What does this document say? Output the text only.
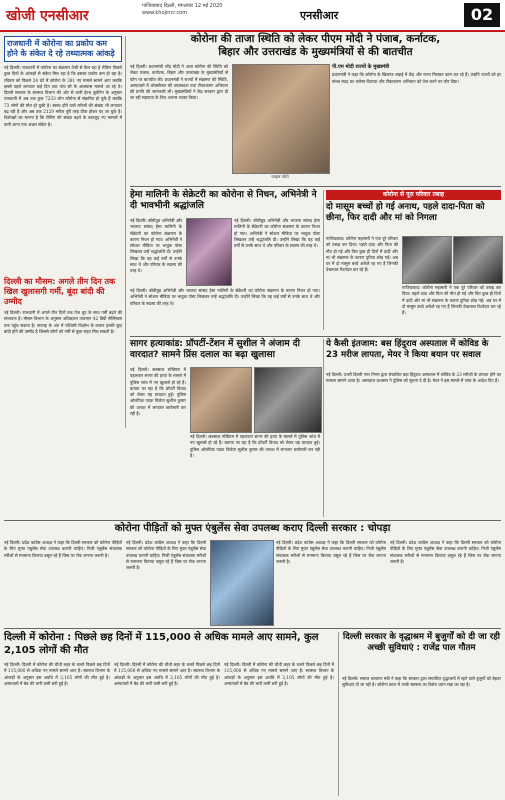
खोजी एनसीआर
गाजियाबाद दिल्ली, मंगलवार 12 मई 2020
www.khojincr.com	एनसीआर	02
राजधानी में कोरोना का प्रकोप कम होने के संकेत दे रहे तथ्यात्मक आंकड़े
नई दिल्ली। राजधानी में कोरोना का संक्रमण तेजी से फैल रहा है लेकिन पिछले कुछ दिनों के आंकड़ों से संकेत मिल रहा है कि इसका प्रकोप कम हो रहा है। रविवार को पिछले 24 घंटे में कोरोना के 381 नए मामले सामने आए जबकि इससे पहले लगातार कई दिन तक पांच सौ के आसपास मामले आ रहे थे। दिल्ली सरकार के स्वास्थ्य विभाग की ओर से जारी हेल्थ बुलेटिन के अनुसार राजधानी में अब तक कुल 7233 लोग कोरोना से संक्रमित हो चुके हैं जबकि 73 लोगों की मौत हो चुकी है। स्वस्थ होने वाले मरीजों की संख्या भी लगातार बढ़ रही है और अब तक 2129 मरीज पूरी तरह ठीक होकर घर जा चुके हैं। विशेषज्ञों का मानना है कि टेस्टिंग की संख्या बढ़ने के बावजूद नए मामलों में कमी आना एक अच्छा संकेत है।
दिल्ली का मौसम: अगले तीन दिन तक खिल खुलासगी गर्मी, बूंदा बांदी की उम्मीद
नई दिल्ली। राजधानी में अगले तीन दिनों तक तेज धूप के साथ गर्मी बढ़ने की संभावना है। मौसम विभाग के अनुसार अधिकतम तापमान 42 डिग्री सेल्सियस तक पहुंच सकता है। सप्ताह के अंत में पश्चिमी विक्षोभ के कारण हल्की बूंदा बांदी होने की उम्मीद है जिससे लोगों को गर्मी से कुछ राहत मिल सकती है।
कोरोना की ताजा स्थिति को लेकर पीएम मोदी ने पंजाब, कर्नाटक,
बिहार और उत्तराखंड के मुख्यमंत्रियों से की बातचीत
नई दिल्ली। प्रधानमंत्री नरेंद्र मोदी ने आज कोरोना की स्थिति को लेकर पंजाब, कर्नाटक, बिहार और उत्तराखंड के मुख्यमंत्रियों से फोन पर बातचीत की। प्रधानमंत्री ने राज्यों में संक्रमण की स्थिति, अस्पतालों में ऑक्सीजन की उपलब्धता तथा टीकाकरण अभियान की प्रगति की जानकारी ली। मुख्यमंत्रियों ने केंद्र सरकार द्वारा दी जा रही सहायता के लिए आभार व्यक्त किया।
फाइल फोटो
पी.एम मोदी राज्यों के मुख्यमंत्री
प्रधानमंत्री ने कहा कि कोरोना के खिलाफ लड़ाई में केंद्र और राज्य मिलकर काम कर रहे हैं। उन्होंने राज्यों को हर संभव मदद का भरोसा दिलाया और टीकाकरण अभियान को तेज करने पर जोर दिया।
हेमा मालिनी के सेक्रेटरी का कोरोना से निधन, अभिनेत्री ने दी भावभीनी श्रद्धांजलि
नई दिल्ली। बॉलीवुड अभिनेत्री और भाजपा सांसद हेमा मालिनी के सेक्रेटरी का कोरोना संक्रमण के कारण निधन हो गया। अभिनेत्री ने सोशल मीडिया पर भावुक पोस्ट लिखकर उन्हें श्रद्धांजलि दी। उन्होंने लिखा कि वह कई वर्षों से उनके साथ थे और परिवार के सदस्य की तरह थे।
नई दिल्ली। बॉलीवुड अभिनेत्री और भाजपा सांसद हेमा मालिनी के सेक्रेटरी का कोरोना संक्रमण के कारण निधन हो गया। अभिनेत्री ने सोशल मीडिया पर भावुक पोस्ट लिखकर उन्हें श्रद्धांजलि दी। उन्होंने लिखा कि वह कई वर्षों से उनके साथ थे और परिवार के सदस्य की तरह थे।
नई दिल्ली। बॉलीवुड अभिनेत्री और भाजपा सांसद हेमा मालिनी के सेक्रेटरी का कोरोना संक्रमण के कारण निधन हो गया। अभिनेत्री ने सोशल मीडिया पर भावुक पोस्ट लिखकर उन्हें श्रद्धांजलि दी। उन्होंने लिखा कि वह कई वर्षों से उनके साथ थे और परिवार के सदस्य की तरह थे।
कोरोना से पूरा परिवार तबाह
दो मासूम बच्चों हो गई अनाथ, पहले दादा-पिता को छीना, फिर दादी और मां को निगला
गाजियाबाद। कोरोना महामारी ने एक पूरे परिवार को तबाह कर दिया। पहले दादा और पिता की मौत हो गई और फिर कुछ ही दिनों में दादी और मां भी संक्रमण के कारण दुनिया छोड़ गईं। अब घर में दो मासूम बच्चे अकेले रह गए हैं जिनकी देखभाल रिश्तेदार कर रहे हैं।
गाजियाबाद। कोरोना महामारी ने एक पूरे परिवार को तबाह कर दिया। पहले दादा और पिता की मौत हो गई और फिर कुछ ही दिनों में दादी और मां भी संक्रमण के कारण दुनिया छोड़ गईं। अब घर में दो मासूम बच्चे अकेले रह गए हैं जिनकी देखभाल रिश्तेदार कर रहे हैं।
सागर हत्याकांड: प्रॉपर्टी-टेंशन में सुशील ने अंजाम दी वारदात? सामने प्रिंस दलाल का बढ़ा खुलासा
नई दिल्ली। छत्रसाल स्टेडियम में पहलवान सागर की हत्या के मामले में पुलिस जांच में नए खुलासे हो रहे हैं। बताया जा रहा है कि प्रॉपर्टी विवाद को लेकर यह वारदात हुई। पुलिस ओलंपिक पदक विजेता सुशील कुमार की तलाश में लगातार छापेमारी कर रही है।
नई दिल्ली। छत्रसाल स्टेडियम में पहलवान सागर की हत्या के मामले में पुलिस जांच में नए खुलासे हो रहे हैं। बताया जा रहा है कि प्रॉपर्टी विवाद को लेकर यह वारदात हुई। पुलिस ओलंपिक पदक विजेता सुशील कुमार की तलाश में लगातार छापेमारी कर रही है।
ये कैसी इंतजाम: बस हिंदुराव अस्पताल में कोविड के 23 मरीज लापता, मेयर ने किया बयान पर सवाल
नई दिल्ली। उत्तरी दिल्ली नगर निगम द्वारा संचालित बड़ा हिंदुराव अस्पताल में कोविड के 23 मरीजों के लापता होने का मामला सामने आया है। अस्पताल प्रशासन ने पुलिस को सूचना दे दी है। मेयर ने इस मामले में जांच के आदेश दिए हैं।
कोरोना पीड़ितों को मुफ्त एंबुलेंस सेवा उपलब्ध कराए दिल्ली सरकार : चोपड़ा
नई दिल्ली। प्रदेश कांग्रेस अध्यक्ष ने कहा कि दिल्ली सरकार को कोरोना पीड़ितों के लिए मुफ्त एंबुलेंस सेवा उपलब्ध करानी चाहिए। निजी एंबुलेंस संचालक मरीजों से मनमाना किराया वसूल रहे हैं जिस पर रोक लगाना जरूरी है।
नई दिल्ली। प्रदेश कांग्रेस अध्यक्ष ने कहा कि दिल्ली सरकार को कोरोना पीड़ितों के लिए मुफ्त एंबुलेंस सेवा उपलब्ध करानी चाहिए। निजी एंबुलेंस संचालक मरीजों से मनमाना किराया वसूल रहे हैं जिस पर रोक लगाना जरूरी है।
नई दिल्ली। प्रदेश कांग्रेस अध्यक्ष ने कहा कि दिल्ली सरकार को कोरोना पीड़ितों के लिए मुफ्त एंबुलेंस सेवा उपलब्ध करानी चाहिए। निजी एंबुलेंस संचालक मरीजों से मनमाना किराया वसूल रहे हैं जिस पर रोक लगाना जरूरी है।
नई दिल्ली। प्रदेश कांग्रेस अध्यक्ष ने कहा कि दिल्ली सरकार को कोरोना पीड़ितों के लिए मुफ्त एंबुलेंस सेवा उपलब्ध करानी चाहिए। निजी एंबुलेंस संचालक मरीजों से मनमाना किराया वसूल रहे हैं जिस पर रोक लगाना जरूरी है।
दिल्ली में कोरोना : पिछले छह दिनों में 115,000 से अधिक मामले आए सामने, कुल 2,105 लोगों की मौत
नई दिल्ली। दिल्ली में कोरोना की चौथी लहर के चलते पिछले छह दिनों में 115,000 से अधिक नए मामले सामने आए हैं। स्वास्थ्य विभाग के आंकड़ों के अनुसार इस अवधि में 2,105 लोगों की मौत हुई है। अस्पतालों में बेड की भारी कमी बनी हुई है।
नई दिल्ली। दिल्ली में कोरोना की चौथी लहर के चलते पिछले छह दिनों में 115,000 से अधिक नए मामले सामने आए हैं। स्वास्थ्य विभाग के आंकड़ों के अनुसार इस अवधि में 2,105 लोगों की मौत हुई है। अस्पतालों में बेड की भारी कमी बनी हुई है।
नई दिल्ली। दिल्ली में कोरोना की चौथी लहर के चलते पिछले छह दिनों में 115,000 से अधिक नए मामले सामने आए हैं। स्वास्थ्य विभाग के आंकड़ों के अनुसार इस अवधि में 2,105 लोगों की मौत हुई है। अस्पतालों में बेड की भारी कमी बनी हुई है।
दिल्ली सरकार के वृद्धाश्रम में बुजुर्गों को दी जा रही अच्छी सुविधाएं : राजेंद्र पाल गौतम
नई दिल्ली। समाज कल्याण मंत्री ने कहा कि सरकार द्वारा संचालित वृद्धाश्रमों में रहने वाले बुजुर्गों को बेहतर सुविधाएं दी जा रही हैं। कोरोना काल में उनके स्वास्थ्य का विशेष ध्यान रखा जा रहा है।
